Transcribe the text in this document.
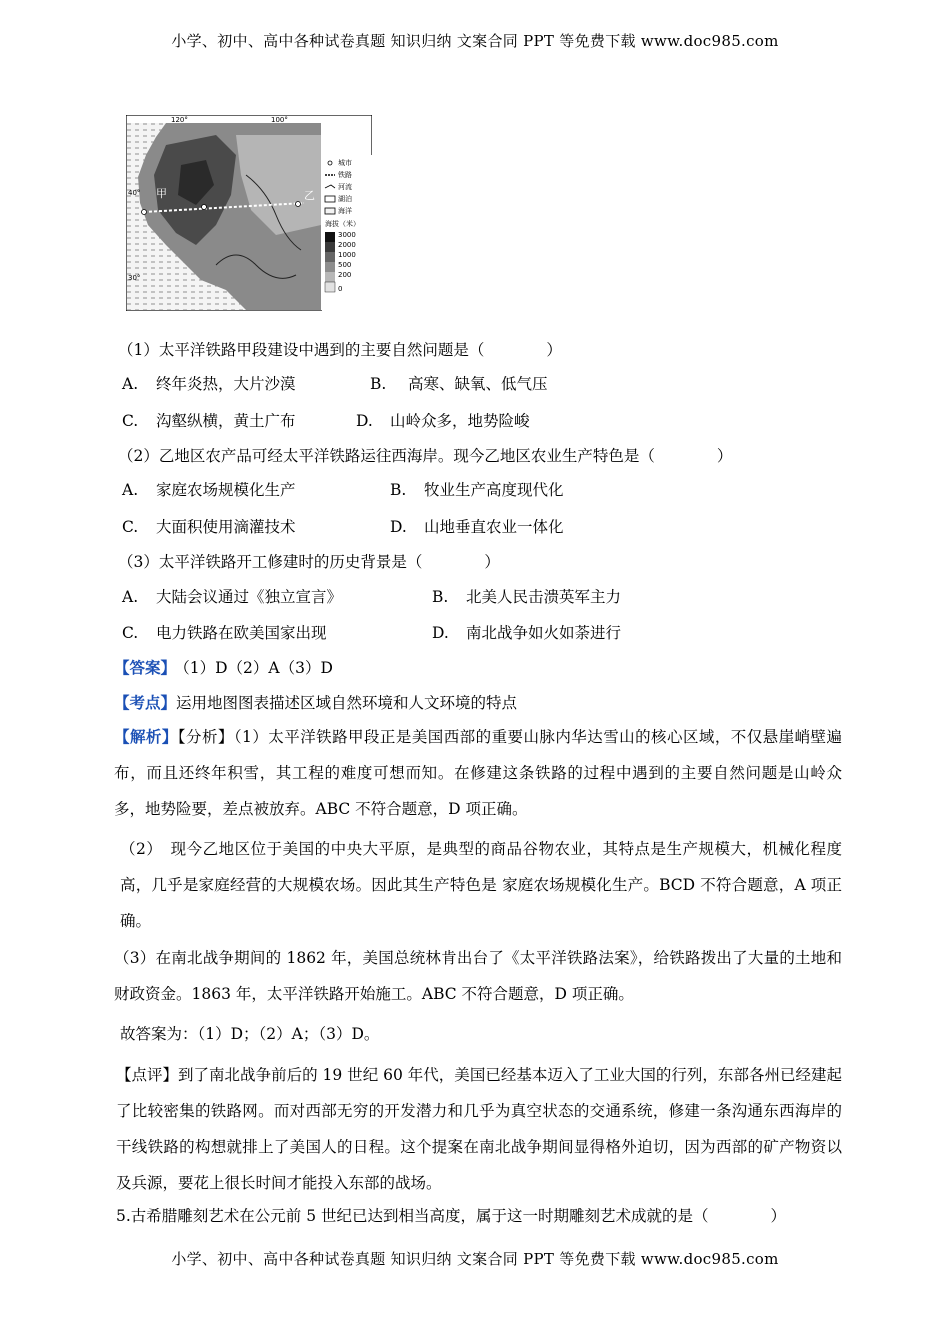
小学、初中、高中各种试卷真题 知识归纳 文案合同 PPT 等免费下载 www.doc985.com
甲	乙
120°	100°
40°
30°
城市
铁路
河流
湖泊
海洋
海拔（米）
3000
2000
1000
500
200
0
（1）太平洋铁路甲段建设中遇到的主要自然问题是（　　　　）
A. 终年炎热，大片沙漠	B. 高寒、缺氧、低气压
C. 沟壑纵横，黄土广布	D. 山岭众多，地势险峻
（2）乙地区农产品可经太平洋铁路运往西海岸。现今乙地区农业生产特色是（　　　　）
A. 家庭农场规模化生产	B. 牧业生产高度现代化
C. 大面积使用滴灌技术	D. 山地垂直农业一体化
（3）太平洋铁路开工修建时的历史背景是（　　　　）
A. 大陆会议通过《独立宣言》	B. 北美人民击溃英军主力
C. 电力铁路在欧美国家出现	D. 南北战争如火如荼进行
【答案】 （1）D（2）A（3）D
【考点】运用地图图表描述区域自然环境和人文环境的特点
【解析】【分析】（1）太平洋铁路甲段正是美国西部的重要山脉内华达雪山的核心区域，不仅悬崖峭壁遍布，而且还终年积雪，其工程的难度可想而知。在修建这条铁路的过程中遇到的主要自然问题是山岭众多，地势险要，差点被放弃。ABC 不符合题意，D 项正确。
（2）　现今乙地区位于美国的中央大平原，是典型的商品谷物农业，其特点是生产规模大，机械化程度高，几乎是家庭经营的大规模农场。因此其生产特色是 家庭农场规模化生产。BCD 不符合题意，A 项正确。
（3）在南北战争期间的 1862 年，美国总统林肯出台了《太平洋铁路法案》，给铁路拨出了大量的土地和财政资金。1863 年，太平洋铁路开始施工。ABC 不符合题意，D 项正确。
故答案为：（1）D；（2）A；（3）D。
【点评】到了南北战争前后的 19 世纪 60 年代，美国已经基本迈入了工业大国的行列，东部各州已经建起了比较密集的铁路网。而对西部无穷的开发潜力和几乎为真空状态的交通系统，修建一条沟通东西海岸的干线铁路的构想就排上了美国人的日程。这个提案在南北战争期间显得格外迫切，因为西部的矿产物资以及兵源，要花上很长时间才能投入东部的战场。
5.古希腊雕刻艺术在公元前 5 世纪已达到相当高度，属于这一时期雕刻艺术成就的是（　　　　）
小学、初中、高中各种试卷真题 知识归纳 文案合同 PPT 等免费下载 www.doc985.com
